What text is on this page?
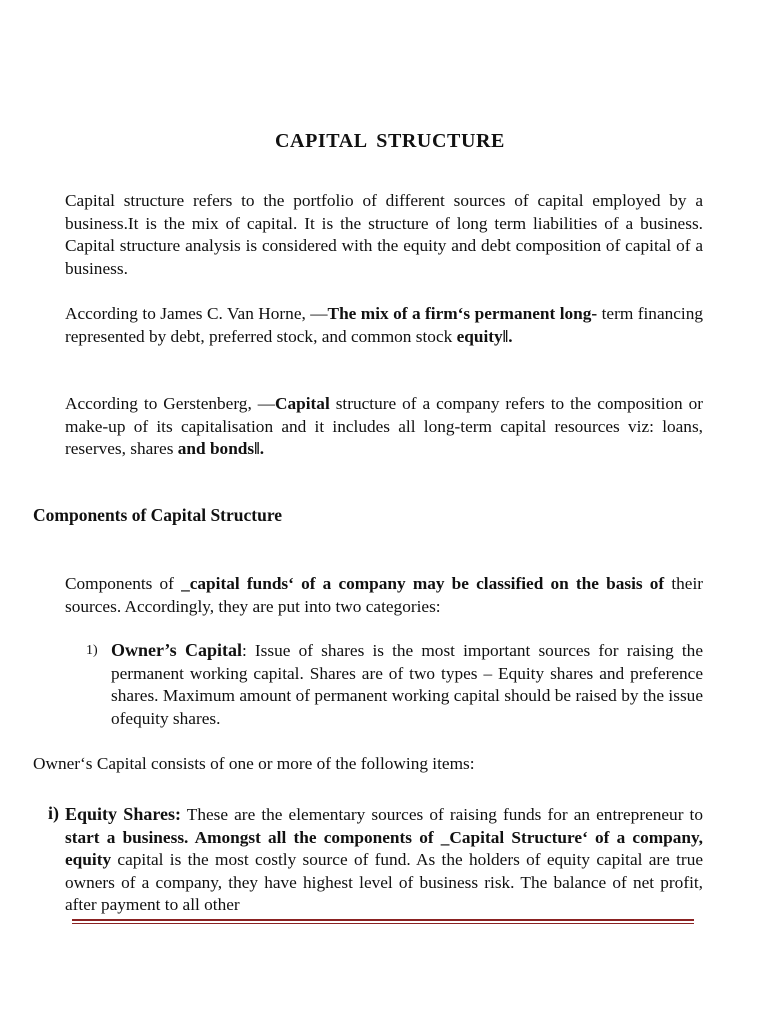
CAPITAL STRUCTURE

Capital structure refers to the portfolio of different sources of capital employed by a business.It is the mix of capital. It is the structure of long term liabilities of a business. Capital structure analysis is considered with the equity and debt composition of capital of a business.

According to James C. Van Horne, ―The mix of a firm‘s permanent long- term financing represented by debt, preferred stock, and common stock equity‖.

According to Gerstenberg, ―Capital structure of a company refers to the composition or make-up of its capitalisation and it includes all long-term capital resources viz: loans, reserves, shares and bonds‖.

Components of Capital Structure

Components of _capital funds‘ of a company may be classified on the basis of their sources. Accordingly, they are put into two categories:

1) Owner’s Capital: Issue of shares is the most important sources for raising the permanent working capital. Shares are of two types – Equity shares and preference shares. Maximum amount of permanent working capital should be raised by the issue ofequity shares.

Owner‘s Capital consists of one or more of the following items:

i) Equity Shares: These are the elementary sources of raising funds for an entrepreneur to start a business. Amongst all the components of _Capital Structure‘ of a company, equity capital is the most costly source of fund. As the holders of equity capital are true owners of a company, they have highest level of business risk. The balance of net profit, after payment to all other
